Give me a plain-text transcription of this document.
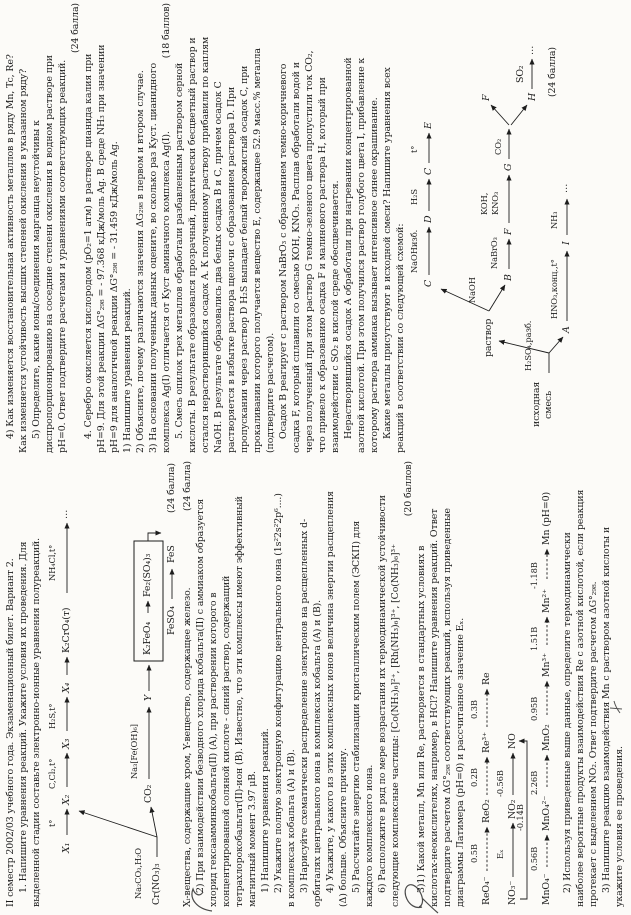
II семестр 2002/03 учебного года. Экзаменационный билет. Вариант 2. 1. Напишите уравнения реакций. Укажите условия их проведения. Для выделенной стадии составьте электронно-ионные уравнения полуреакций. X₁
X₂
X₃
X₄
K₂CrO₄(т)
…
t°
C,Cl₂,t°
H₂S,t°
NH₄Cl,t°
Cr(NO₃)₃
Na₂CO₃,H₂O
CO₂
Na₃[Fe(OH)₆]
Y
K₂FeO₄
Fe₂(SO₄)₃
FeSO₄
FeS
(24 балла)
Xᵢ-вещества, содержащие хром, Y-вещество, содержащее железо.
(24 балла)
2) При взаимодействии безводного хлорида кобальта(II) с аммиаком образуется хлорид гексаамминкобальта(II) (A), при растворении которого в концентрированной соляной кислоте - синий раствор, содержащий тетрахлорокобальтат(II)-ион (B). Известно, что эти комплексы имеют эффективный магнитный момент 3.97 μB. 1) Напишите уравнения реакций. 2) Укажите полную электронную конфигурацию центрального иона (1s²2s²2p⁶....) в комплексах кобальта (A) и (B). 3) Нарисуйте схематически распределение электронов на расщепленных d- орбиталях центрального иона в комплексах кобальта (A) и (B). 4) Укажите, у какого из этих комплексных ионов величина энергии расщепления (Δ) больше. Объясните причину. 5) Рассчитайте энергию стабилизации кристаллическим полем (ЭСКП) для каждого комплексного иона. 6) Расположите в ряд по мере возрастания их термодинамической устойчивости следующие комплексные частицы: [Co(NH₃)₆]²⁺, [Rh(NH₃)₆]³⁺, [Co(NH₃)₆]³⁺
(20 баллов)
3)1) Какой металл, Mn или Re, растворяется в стандартных условиях в кислотах-неокислителях, например, в HCl? Напишите уравнения реакций. Ответ подтвердите расчетом ΔG°₂₉₈ соответствующих реакций, используя приведенные диаграммы Латимера (pH=0) и рассчитанное значение Eₓ. 0.5В
0.2В
0.3В
ReO₄⁻
ReO₂
Re³⁺
Re
Eₓ
-0.56В
NO₃⁻
NO₂
NO
-0.14В
0.56В
2.26В
0.95В
1.51В
-1.18В
MnO₄⁻
MnO₄²⁻
MnO₂
Mn³⁺
Mn²⁺
Mn (pH=0)
2) Используя приведенные выше данные, определите термодинамически наиболее вероятные продукты взаимодействия Re с азотной кислотой, если реакция протекает с выделением NO₂. Ответ подтвердите расчетом ΔG°₂₉₈. 3) Напишите реакцию взаимодействия Mn с раствором азотной кислоты и укажите условия ее проведения.
4) Как изменяется восстановительная активность металлов в ряду Mn, Tc, Re? Как изменяется устойчивость высших степеней окисления в указанном ряду? 5) Определите, какие ионы/соединения марганца неустойчивы к диспропорционированию на соседние степени окисления в водном растворе при pH=0. Ответ подтвердите расчетами и уравнениями соответствующих реакций.
(24 балла)
4. Серебро окисляется кислородом (pO₂=1 атм) в растворе цианида калия при pH=9. Для этой реакции ΔG°₂₉₈ = - 97.368 кДж/моль Ag. В среде NH₃ при значении pH=9 для аналогичной реакции ΔG°₂₉₈ = - 31.459 кДж/моль Ag. 1) Напишите уравнения реакций. 2) Объясните, почему различаются значения ΔG₂₉₈ в первом и втором случае. 3) На основании полученных данных оцените, во сколько раз Kуст. цианидного комплекса Ag(I) отличается от Kуст аминачного комплекса Ag(I).
(18 баллов)
5. Смесь опилок трех металлов обработали разбавленным раствором серной кислоты. В результате образовался прозрачный, практически бесцветный раствор и остался нерастворившийся осадок A. К полученному раствору прибавили по каплям NaOH. В результате образовались два белых осадка B и C, причем осадок C растворяется в избытке раствора щелочи с образованием раствора D. При пропускании через раствор D H₂S выпадает белый творожистый осадок C, при прокаливании которого получается вещество E, содержащее 52.9 масс.% металла (подтвердите расчетом). Осадок B реагирует с раствором NaBrO₃ с образованием темно-коричневого осадка F, который сплавили со смесью KOH, KNO₃. Расплав обработали водой и через полученный при этом раствор G темно-зеленого цвета пропустили ток CO₂, что привело к образованию осадка F и малинового раствора H, который при взаимодействии с SO₂ в кислой среде обесцвечивается. Нерастворившийся осадок A обработали при нагревании концентрированной азотной кислотой. При этом получился раствор голубого цвета I, прибавление к которому раствора аммиака вызывает интенсивное синее окрашивание. Какие металлы присутствуют в исходной смеси? Напишите уравнения всех реакций в соответствии со следующей схемой: C
D
C
E
NaOHизб.
H₂S
t°
раствор
NaOH	B
NaBrO₃
F
KOH, KNO₃
G
CO₂
F	H
SO₂
… (24 балла)
исходная смесь
H₂SO₄,разб.	A
HNO₃,конц.,t°
I
NH₃
…
